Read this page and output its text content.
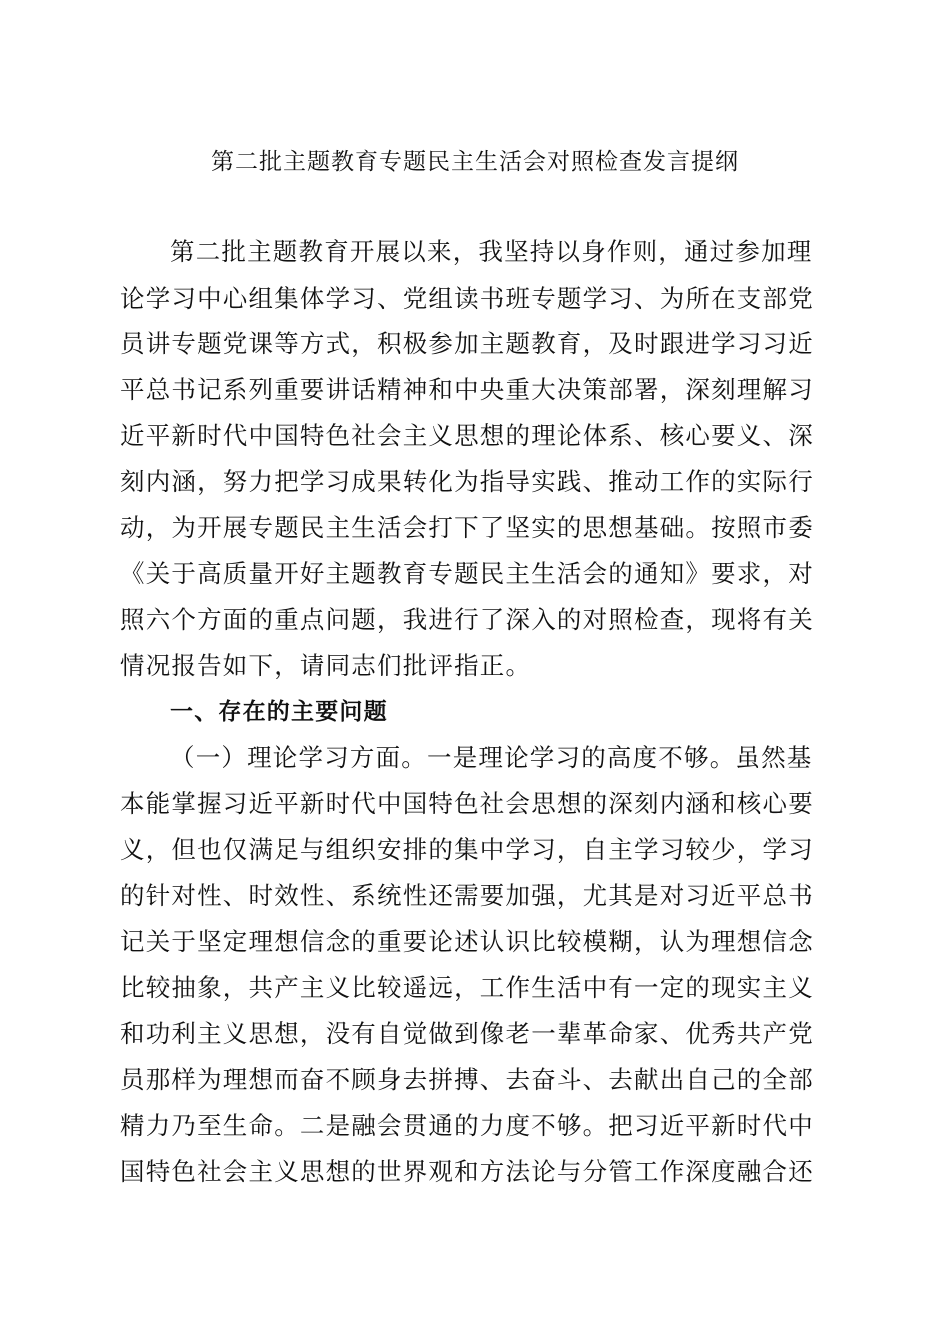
第二批主题教育专题民主生活会对照检查发言提纲

第二批主题教育开展以来，我坚持以身作则，通过参加理

论学习中心组集体学习、党组读书班专题学习、为所在支部党

员讲专题党课等方式，积极参加主题教育，及时跟进学习习近

平总书记系列重要讲话精神和中央重大决策部署，深刻理解习

近平新时代中国特色社会主义思想的理论体系、核心要义、深

刻内涵，努力把学习成果转化为指导实践、推动工作的实际行

动，为开展专题民主生活会打下了坚实的思想基础。按照市委

《关于高质量开好主题教育专题民主生活会的通知》要求，对

照六个方面的重点问题，我进行了深入的对照检查，现将有关

情况报告如下，请同志们批评指正。

一、存在的主要问题

（一）理论学习方面。一是理论学习的高度不够。虽然基

本能掌握习近平新时代中国特色社会思想的深刻内涵和核心要

义，但也仅满足与组织安排的集中学习，自主学习较少，学习

的针对性、时效性、系统性还需要加强，尤其是对习近平总书

记关于坚定理想信念的重要论述认识比较模糊，认为理想信念

比较抽象，共产主义比较遥远，工作生活中有一定的现实主义

和功利主义思想，没有自觉做到像老一辈革命家、优秀共产党

员那样为理想而奋不顾身去拼搏、去奋斗、去献出自己的全部

精力乃至生命。二是融会贯通的力度不够。把习近平新时代中

国特色社会主义思想的世界观和方法论与分管工作深度融合还
